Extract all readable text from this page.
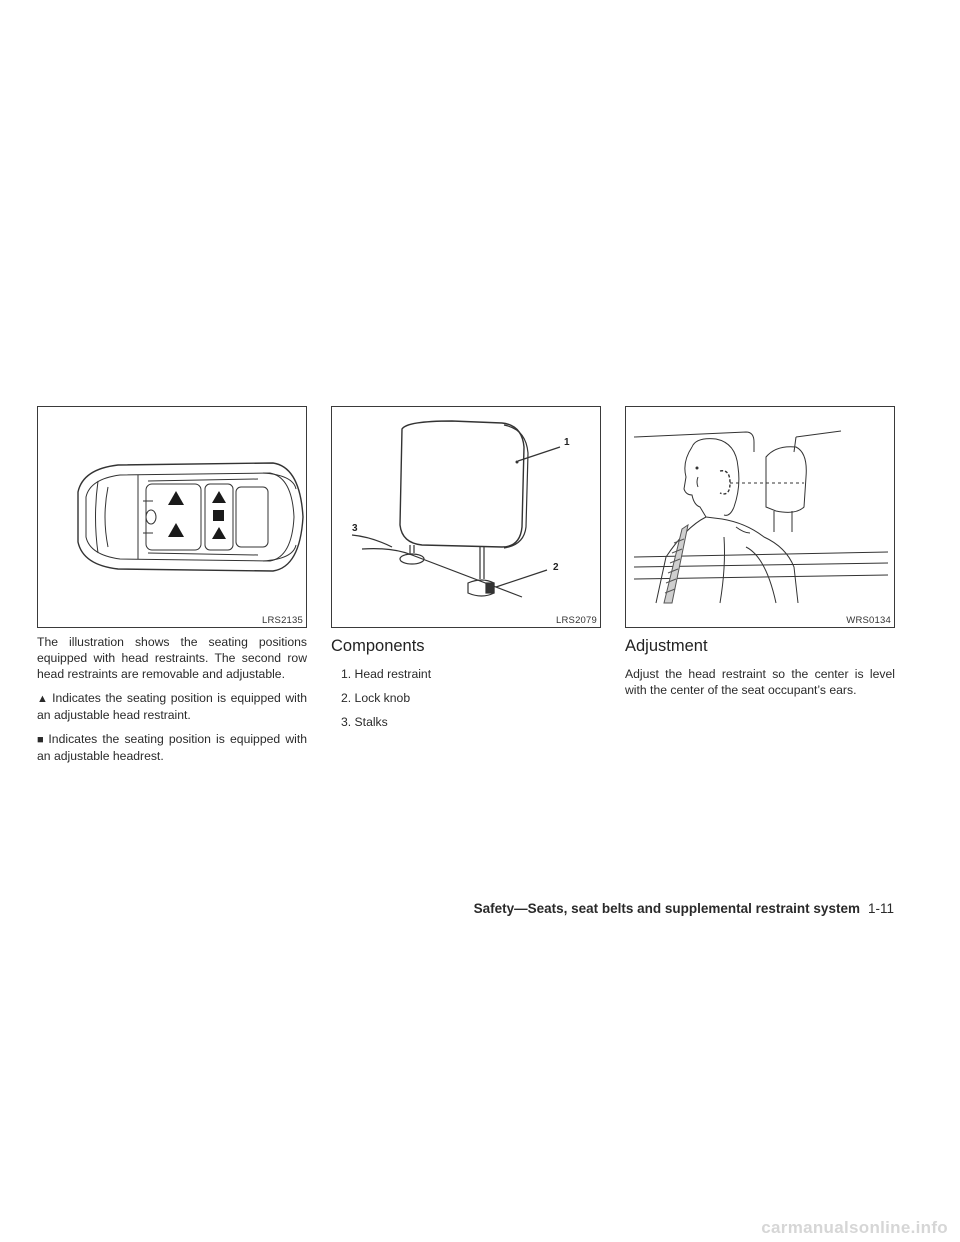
LRS2135
1
2
3
LRS2079	WRS0134

The illustration shows the seating positions equipped with head restraints. The second row head restraints are removable and adjustable.

▲ Indicates the seating position is equipped with an adjustable head restraint.

■ Indicates the seating position is equipped with an adjustable headrest.

Components
1. Head restraint
2. Lock knob
3. Stalks
Adjustment

Adjust the head restraint so the center is level with the center of the seat occupant’s ears.

Safety—Seats, seat belts and supplemental restraint system 1-11
carmanualsonline.info
